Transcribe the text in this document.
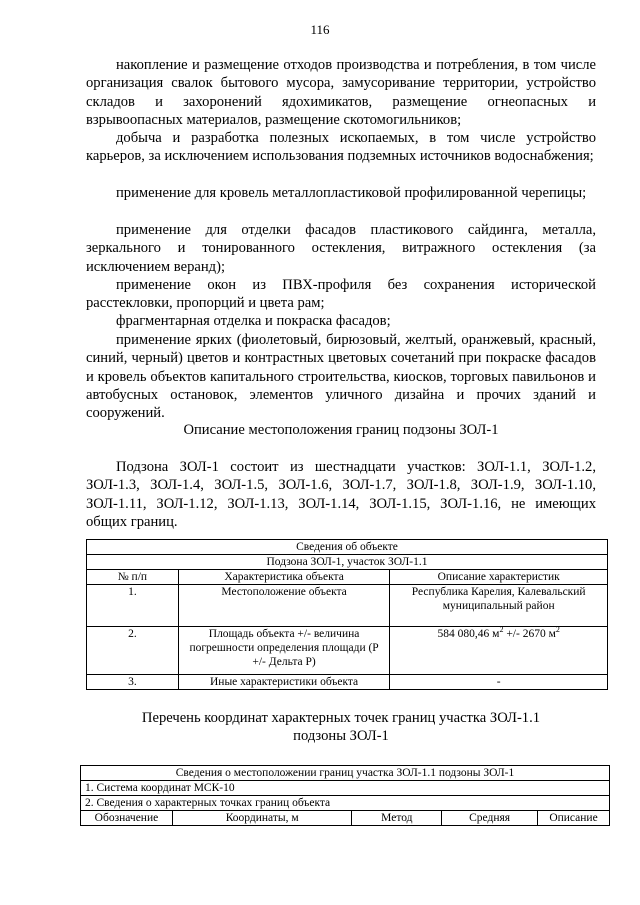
116

накопление и размещение отходов производства и потребления, в том числе организация свалок бытового мусора, замусоривание территории, устройство складов и захоронений ядохимикатов, размещение огнеопасных и взрывоопасных материалов, размещение скотомогильников;

добыча и разработка полезных ископаемых, в том числе устройство карьеров, за исключением использования подземных источников водоснабжения;

применение для кровель металлопластиковой профилированной черепицы;

применение для отделки фасадов пластикового сайдинга, металла, зеркального и тонированного остекления, витражного остекления (за исключением веранд);

применение окон из ПВХ-профиля без сохранения исторической расстекловки, пропорций и цвета рам;

фрагментарная отделка и покраска фасадов;

применение ярких (фиолетовый, бирюзовый, желтый, оранжевый, красный, синий, черный) цветов и контрастных цветовых сочетаний при покраске фасадов и кровель объектов капитального строительства, киосков, торговых павильонов и автобусных остановок, элементов уличного дизайна и прочих зданий и сооружений.

Описание местоположения границ подзоны ЗОЛ-1

Подзона ЗОЛ-1 состоит из шестнадцати участков: ЗОЛ-1.1, ЗОЛ-1.2, ЗОЛ-1.3, ЗОЛ-1.4, ЗОЛ-1.5, ЗОЛ-1.6, ЗОЛ-1.7, ЗОЛ-1.8, ЗОЛ-1.9, ЗОЛ-1.10, ЗОЛ-1.11, ЗОЛ-1.12, ЗОЛ-1.13, ЗОЛ-1.14, ЗОЛ-1.15, ЗОЛ-1.16, не имеющих общих границ.

Сведения об объекте		
Подзона ЗОЛ-1, участок ЗОЛ-1.1		
№ п/п	Характеристика объекта	Описание характеристик
1.	Местоположение объекта	Республика Карелия, Калевальский муниципальный район
2.	Площадь объекта +/- величина погрешности определения площади (Р +/- Дельта Р)	584 080,46 $м^2$ +/- 2670 $м^2$
3.	Иные характеристики объекта	-

Перечень координат характерных точек границ участка ЗОЛ-1.1

подзоны ЗОЛ-1

Сведения о местоположении границ участка ЗОЛ-1.1 подзоны ЗОЛ-1
1. Система координат МСК-10
2. Сведения о характерных точках границ объекта
Обозначение	Координаты, м	Метод	Средняя	Описание
